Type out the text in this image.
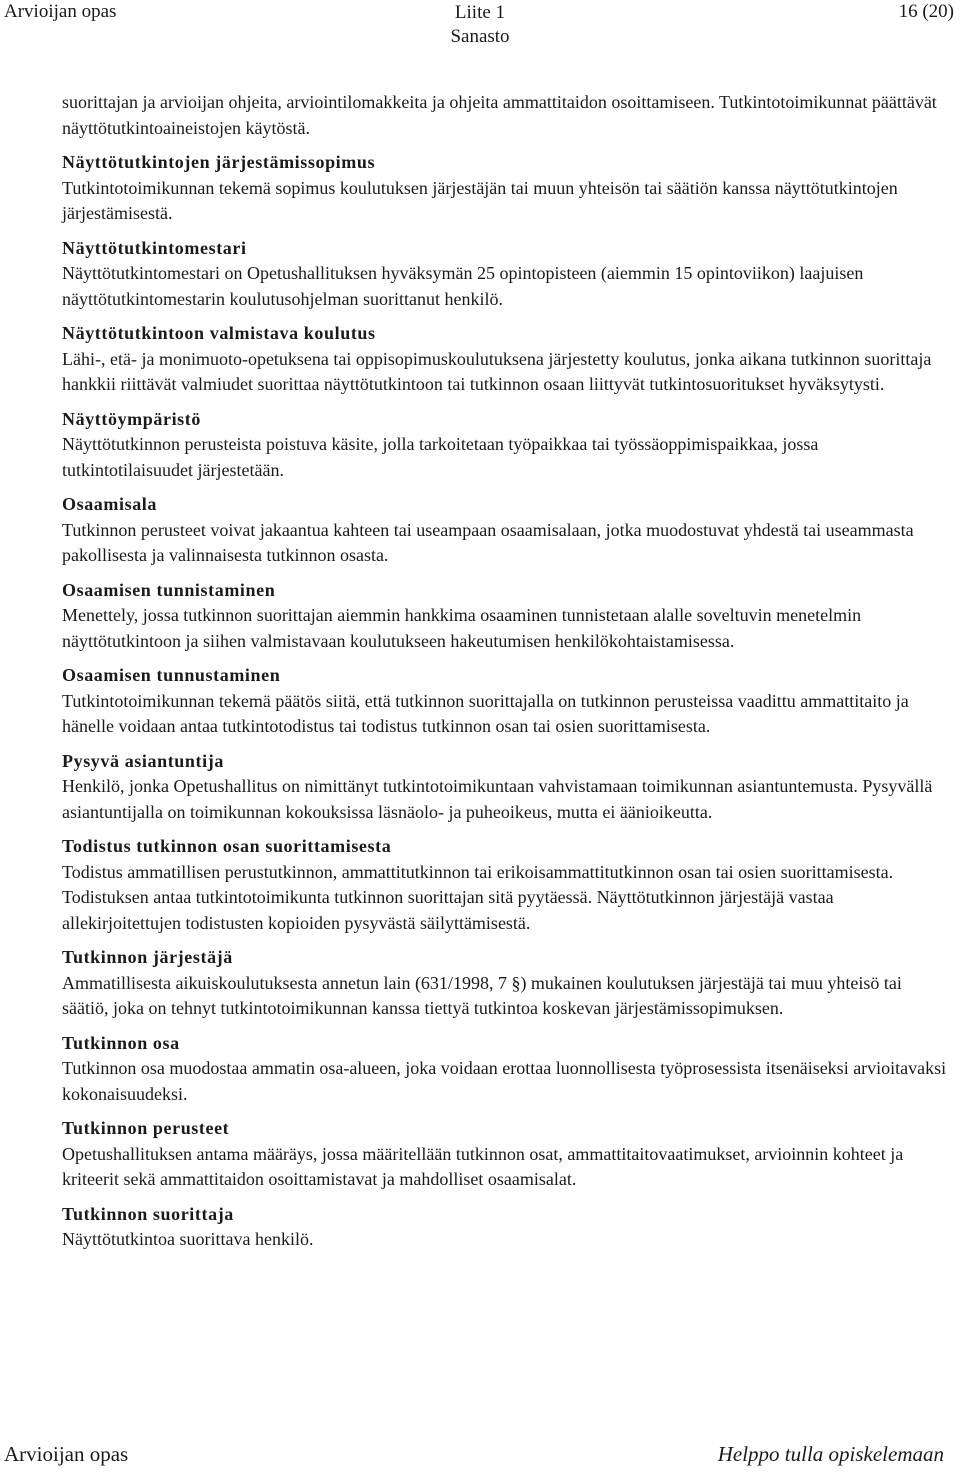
Arvioijan opas	Liite 1
Sanasto
16 (20)

suorittajan ja arvioijan ohjeita, arviointilomakkeita ja ohjeita ammattitaidon osoittamiseen. Tutkintotoimikunnat päättävät näyttötutkintoaineistojen käytöstä.

Näyttötutkintojen järjestämissopimus

Tutkintotoimikunnan tekemä sopimus koulutuksen järjestäjän tai muun yhteisön tai säätiön kanssa näyttötutkintojen järjestämisestä.

Näyttötutkintomestari

Näyttötutkintomestari on Opetushallituksen hyväksymän 25 opintopisteen (aiemmin 15 opintoviikon) laajuisen näyttötutkintomestarin koulutusohjelman suorittanut henkilö.

Näyttötutkintoon valmistava koulutus

Lähi-, etä- ja monimuoto-opetuksena tai oppisopimuskoulutuksena järjestetty koulutus, jonka aikana tutkinnon suorittaja hankkii riittävät valmiudet suorittaa näyttötutkintoon tai tutkinnon osaan liittyvät tutkintosuoritukset hyväksytysti.

Näyttöympäristö

Näyttötutkinnon perusteista poistuva käsite, jolla tarkoitetaan työpaikkaa tai työssäoppimispaikkaa, jossa tutkintotilaisuudet järjestetään.

Osaamisala

Tutkinnon perusteet voivat jakaantua kahteen tai useampaan osaamisalaan, jotka muodostuvat yhdestä tai useammasta pakollisesta ja valinnaisesta tutkinnon osasta.

Osaamisen tunnistaminen

Menettely, jossa tutkinnon suorittajan aiemmin hankkima osaaminen tunnistetaan alalle soveltuvin menetelmin näyttötutkintoon ja siihen valmistavaan koulutukseen hakeutumisen henkilökohtaistamisessa.

Osaamisen tunnustaminen

Tutkintotoimikunnan tekemä päätös siitä, että tutkinnon suorittajalla on tutkinnon perusteissa vaadittu ammattitaito ja hänelle voidaan antaa tutkintotodistus tai todistus tutkinnon osan tai osien suorittamisesta.

Pysyvä asiantuntija

Henkilö, jonka Opetushallitus on nimittänyt tutkintotoimikuntaan vahvistamaan toimikunnan asiantuntemusta. Pysyvällä asiantuntijalla on toimikunnan kokouksissa läsnäolo- ja puheoikeus, mutta ei äänioikeutta.

Todistus tutkinnon osan suorittamisesta

Todistus ammatillisen perustutkinnon, ammattitutkinnon tai erikoisammattitutkinnon osan tai osien suorittamisesta. Todistuksen antaa tutkintotoimikunta tutkinnon suorittajan sitä pyytäessä. Näyttötutkinnon järjestäjä vastaa allekirjoitettujen todistusten kopioiden pysyvästä säilyttämisestä.

Tutkinnon järjestäjä

Ammatillisesta aikuiskoulutuksesta annetun lain (631/1998, 7 §) mukainen koulutuksen järjestäjä tai muu yhteisö tai säätiö, joka on tehnyt tutkintotoimikunnan kanssa tiettyä tutkintoa koskevan järjestämissopimuksen.

Tutkinnon osa

Tutkinnon osa muodostaa ammatin osa-alueen, joka voidaan erottaa luonnollisesta työprosessista itsenäiseksi arvioitavaksi kokonaisuudeksi.

Tutkinnon perusteet

Opetushallituksen antama määräys, jossa määritellään tutkinnon osat, ammattitaitovaatimukset, arvioinnin kohteet ja kriteerit sekä ammattitaidon osoittamistavat ja mahdolliset osaamisalat.

Tutkinnon suorittaja

Näyttötutkintoa suorittava henkilö.

Arvioijan opas	Helppo tulla opiskelemaan
